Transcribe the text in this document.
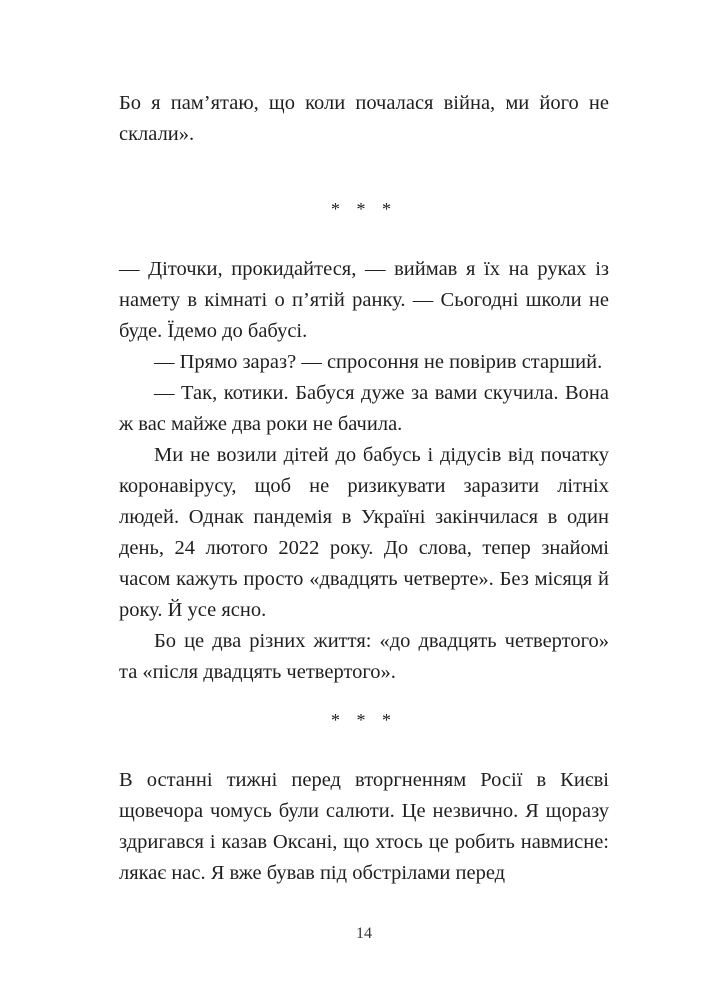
Бо я пам’ятаю, що коли почалася війна, ми його не склали».

* * *

— Діточки, прокидайтеся, — виймав я їх на руках із намету в кімнаті о п’ятій ранку. — Сьогодні школи не буде. Їдемо до бабусі.

— Прямо зараз? — спросоння не повірив старший.

— Так, котики. Бабуся дуже за вами скучила. Вона ж вас майже два роки не бачила.

Ми не возили дітей до бабусь і дідусів від початку коронавірусу, щоб не ризикувати заразити літніх людей. Однак пандемія в Україні закінчилася в один день, 24 лютого 2022 року. До слова, тепер знайомі часом кажуть просто «двадцять четверте». Без місяця й року. Й усе ясно.

Бо це два різних життя: «до двадцять четвертого» та «після двадцять четвертого».

* * *

В останні тижні перед вторгненням Росії в Києві щовечора чомусь були салюти. Це незвично. Я щоразу здригався і казав Оксані, що хтось це робить навмисне: лякає нас. Я вже бував під обстрілами перед

14
